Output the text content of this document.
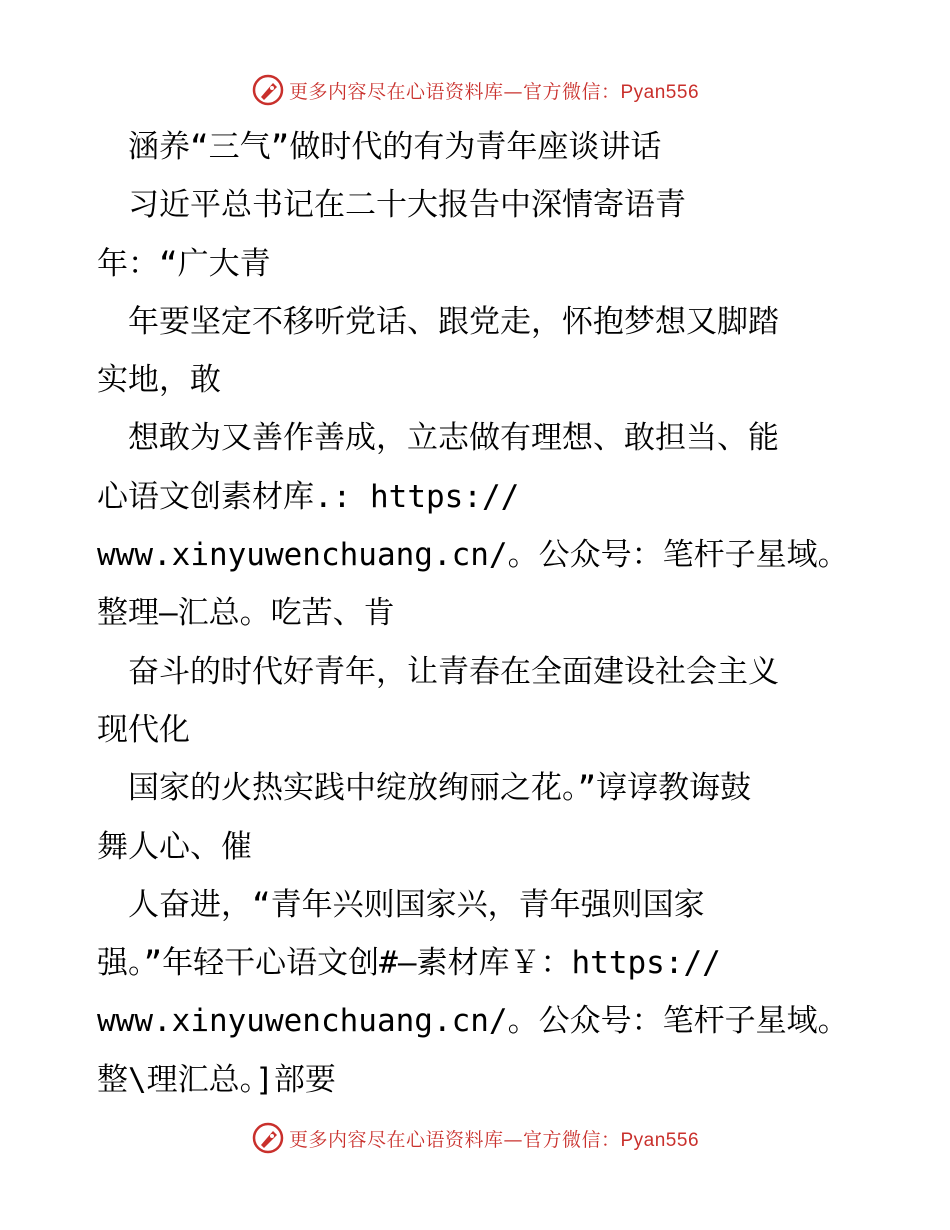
更多内容尽在心语资料库—官方微信：Pyan556
　涵养“三气”做时代的有为青年座谈讲话
　习近平总书记在二十大报告中深情寄语青
年：“广大青
　年要坚定不移听党话、跟党走，怀抱梦想又脚踏
实地，敢
　想敢为又善作善成，立志做有理想、敢担当、能
心语文创素材库.: https://
www.xinyuwenchuang.cn/。公众号：笔杆子星域。
整理—汇总。吃苦、肯
　奋斗的时代好青年，让青春在全面建设社会主义
现代化
　国家的火热实践中绽放绚丽之花。”谆谆教诲鼓
舞人心、催
　人奋进，“青年兴则国家兴，青年强则国家
强。”年轻干心语文创#—素材库￥：https://
www.xinyuwenchuang.cn/。公众号：笔杆子星域。
整\理汇总。]部要
更多内容尽在心语资料库—官方微信：Pyan556
